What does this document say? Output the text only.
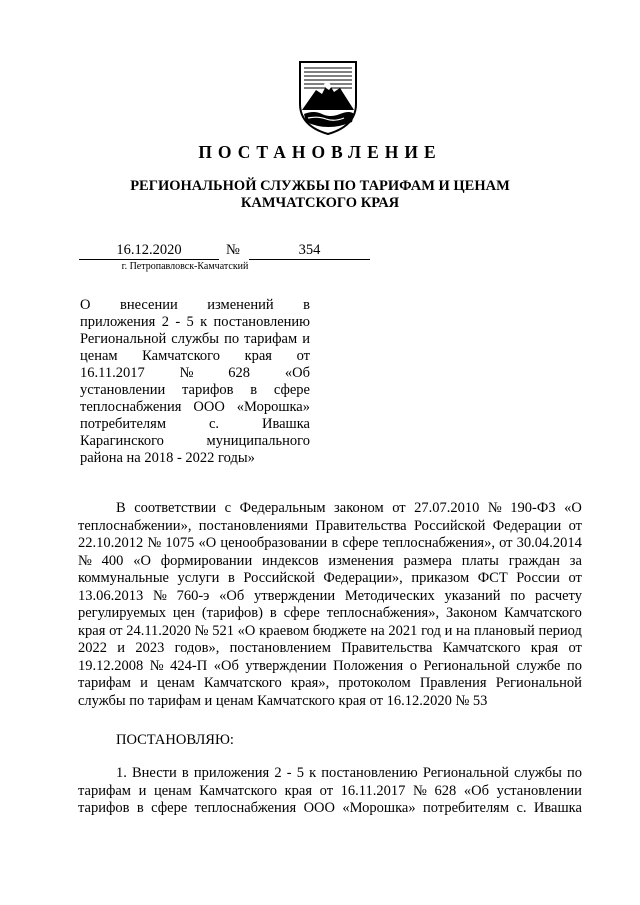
ПОСТАНОВЛЕНИЕ
РЕГИОНАЛЬНОЙ СЛУЖБЫ ПО ТАРИФАМ И ЦЕНАМ
КАМЧАТСКОГО КРАЯ
16.12.2020	№	354
г. Петропавловск-Камчатский
О внесении изменений в
приложения 2 - 5 к постановлению
Региональной службы по тарифам и
ценам Камчатского края от
16.11.2017 № 628 «Об
установлении тарифов в сфере
теплоснабжения ООО «Морошка»
потребителям	с.	Ивашка
Карагинского	муниципального
района на 2018 - 2022 годы»
В соответствии с Федеральным законом от 27.07.2010 № 190-ФЗ «О
теплоснабжении», постановлениями Правительства Российской Федерации от
22.10.2012 № 1075 «О ценообразовании в сфере теплоснабжения», от 30.04.2014
№ 400 «О формировании индексов изменения размера платы граждан за
коммунальные услуги в Российской Федерации», приказом ФСТ России от
13.06.2013 № 760-э «Об утверждении Методических указаний по расчету
регулируемых цен (тарифов) в сфере теплоснабжения», Законом Камчатского
края от 24.11.2020 № 521 «О краевом бюджете на 2021 год и на плановый период
2022 и 2023 годов», постановлением Правительства Камчатского края от
19.12.2008 № 424-П «Об утверждении Положения о Региональной службе по
тарифам и ценам Камчатского края», протоколом Правления Региональной
службы по тарифам и ценам Камчатского края от 16.12.2020 № 53
ПОСТАНОВЛЯЮ:
1. Внести в приложения 2 - 5 к постановлению Региональной службы по
тарифам и ценам Камчатского края от 16.11.2017 № 628 «Об установлении
тарифов в сфере теплоснабжения ООО «Морошка» потребителям с. Ивашка
